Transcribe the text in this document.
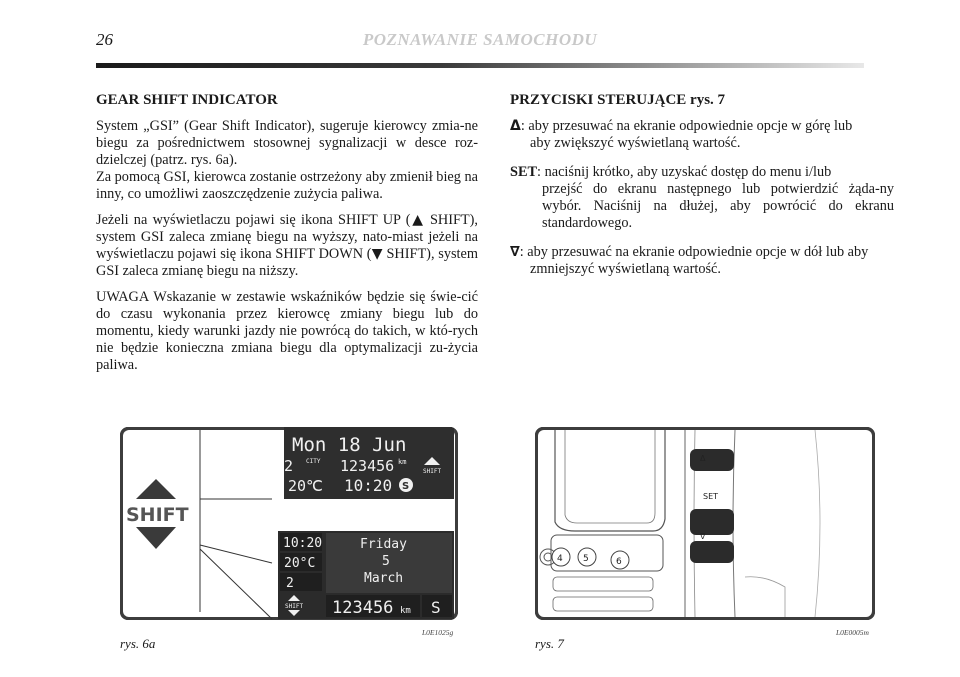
26	POZNAWANIE SAMOCHODU
GEAR SHIFT INDICATOR

System „GSI” (Gear Shift Indicator), sugeruje kierowcy zmia-ne biegu za pośrednictwem stosownej sygnalizacji w desce roz-dzielczej (patrz. rys. 6a).
Za pomocą GSI, kierowca zostanie ostrzeżony aby zmienił bieg na inny, co umożliwi zaoszczędzenie zużycia paliwa.

Jeżeli na wyświetlaczu pojawi się ikona SHIFT UP (▲ SHIFT), system GSI zaleca zmianę biegu na wyższy, nato-miast jeżeli na wyświetlaczu pojawi się ikona SHIFT DOWN (▼ SHIFT), system GSI zaleca zmianę biegu na niższy.

UWAGA Wskazanie w zestawie wskaźników będzie się świe-cić do czasu wykonania przez kierowcę zmiany biegu lub do momentu, kiedy warunki jazdy nie powrócą do takich, w któ-rych nie będzie konieczna zmiana biegu dla optymalizacji zu-życia paliwa.

PRZYCISKI STERUJĄCE rys. 7
Δ: aby przesuwać na ekranie odpowiednie opcje w górę lub
aby zwiększyć wyświetlaną wartość.
SET: naciśnij krótko, aby uzyskać dostęp do menu i/lub
przejść do ekranu następnego lub potwierdzić żąda-ny wybór. Naciśnij na dłużej, aby powrócić do ekranu standardowego.
∇: aby przesuwać na ekranie odpowiednie opcje w dół lub aby
zmniejszyć wyświetlaną wartość.
SHIFT
Mon 18 Jun
2 CITY 123456 km
SHIFT
20℃ 10:20 S
10:20
20°C
2
SHIFT
Friday
5
March
123456 km S
rys. 6a
L0E1025g
4 5	6
Δ
SET
∇
rys. 7
L0E0005m
